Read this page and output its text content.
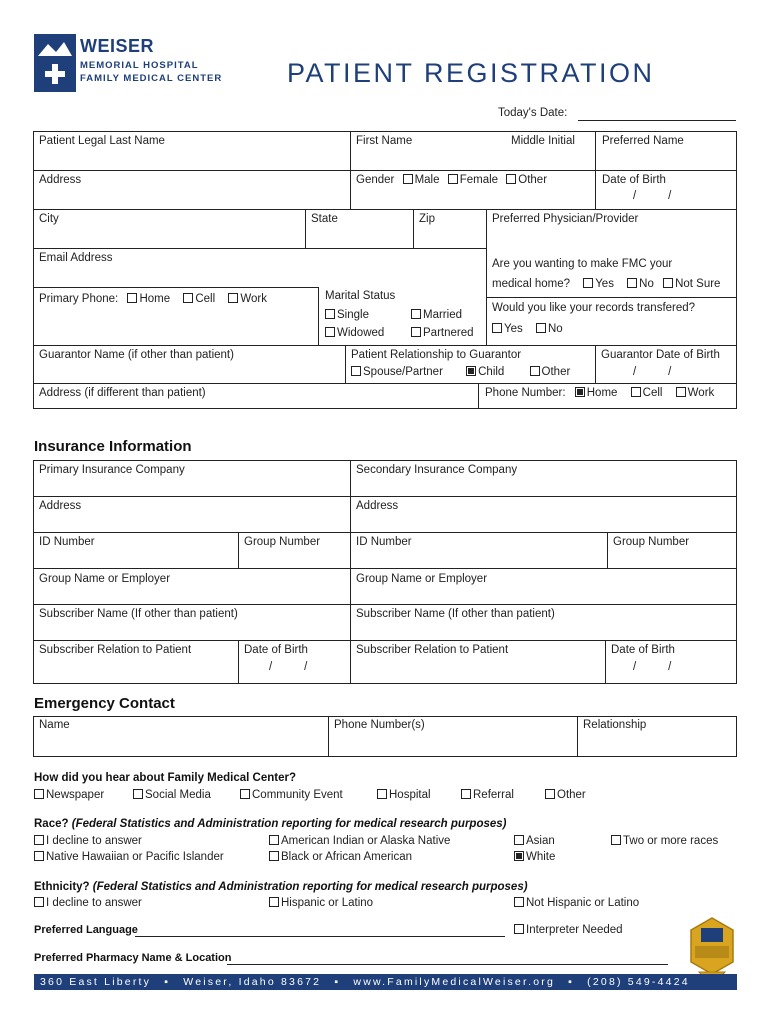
WEISER
MEMORIAL HOSPITAL
FAMILY MEDICAL CENTER PATIENT REGISTRATION
Today's Date:
Patient Legal Last Name	First Name	Middle Initial Preferred Name
Address	Gender Male Female Other	Date of Birth
/          /
City	State	Zip	Preferred Physician/Provider
Email Address	Are you wanting to make FMC your
medical home? Yes No Not Sure
Primary Phone: Home Cell Work	Marital Status
Single	Married
Widowed	Partnered
Would you like your records transfered?
Yes No
Guarantor Name (if other than patient)	Patient Relationship to Guarantor
Spouse/Partner	Child	Other
Guarantor Date of Birth
/          /
Address (if different than patient)	Phone Number: Home Cell Work
Insurance Information
Primary Insurance Company	Secondary Insurance Company
Address	Address
ID Number	Group Number	ID Number	Group Number
Group Name or Employer	Group Name or Employer
Subscriber Name (If other than patient)	Subscriber Name (If other than patient)
Subscriber Relation to Patient	Date of Birth
/          /
Subscriber Relation to Patient	Date of Birth
/          /
Emergency Contact
Name	Phone Number(s)	Relationship
How did you hear about Family Medical Center?
Newspaper	Social Media	Community Event	Hospital	Referral	Other
Race? (Federal Statistics and Administration reporting for medical research purposes)
I decline to answer
Native Hawaiian or Pacific Islander
American Indian or Alaska Native
Black or African American
Asian
White
Two or more races
Ethnicity? (Federal Statistics and Administration reporting for medical research purposes)
I decline to answer	Hispanic or Latino	Not Hispanic or Latino
Preferred Language	Interpreter Needed
Preferred Pharmacy Name & Location
360 East Liberty ▪ Weiser, Idaho 83672 ▪ www.FamilyMedicalWeiser.org ▪ (208) 549-4424
